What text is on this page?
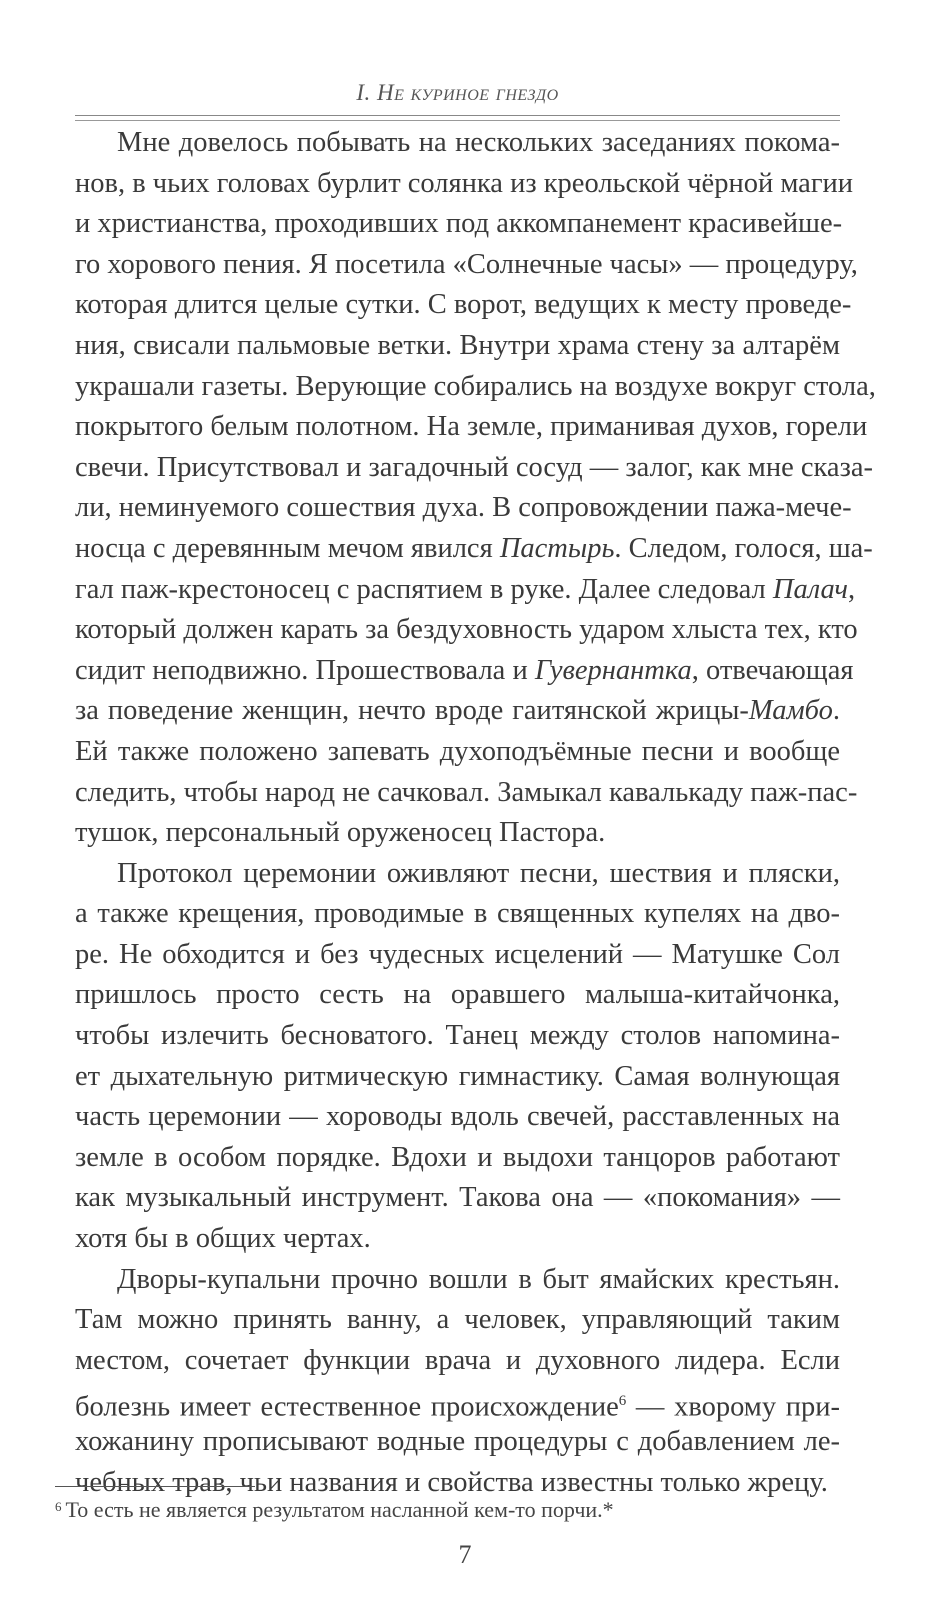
I. Не куриное гнездо
Мне довелось побывать на нескольких заседаниях покома-
нов, в чьих головах бурлит солянка из креольской чёрной магии
и христианства, проходивших под аккомпанемент красивейше-
го хорового пения. Я посетила «Солнечные часы» — процедуру,
которая длится целые сутки. С ворот, ведущих к месту проведе-
ния, свисали пальмовые ветки. Внутри храма стену за алтарём
украшали газеты. Верующие собирались на воздухе вокруг стола,
покрытого белым полотном. На земле, приманивая духов, горели
свечи. Присутствовал и загадочный сосуд — залог, как мне сказа-
ли, неминуемого сошествия духа. В сопровождении пажа-мече-
носца с деревянным мечом явился Пастырь. Следом, голося, ша-
гал паж-крестоносец с распятием в руке. Далее следовал Палач,
который должен карать за бездуховность ударом хлыста тех, кто
сидит неподвижно. Прошествовала и Гувернантка, отвечающая
за поведение женщин, нечто вроде гаитянской жрицы-Мамбо.
Ей также положено запевать духоподъёмные песни и вообще
следить, чтобы народ не сачковал. Замыкал кавалькаду паж-пас-
тушок, персональный оруженосец Пастора.
Протокол церемонии оживляют песни, шествия и пляски,
а также крещения, проводимые в священных купелях на дво-
ре. Не обходится и без чудесных исцелений — Матушке Сол
пришлось просто сесть на оравшего малыша-китайчонка,
чтобы излечить бесноватого. Танец между столов напомина-
ет дыхательную ритмическую гимнастику. Самая волнующая
часть церемонии — хороводы вдоль свечей, расставленных на
земле в особом порядке. Вдохи и выдохи танцоров работают
как музыкальный инструмент. Такова она — «покомания» —
хотя бы в общих чертах.
Дворы-купальни прочно вошли в быт ямайских крестьян.
Там можно принять ванну, а человек, управляющий таким
местом, сочетает функции врача и духовного лидера. Если
болезнь имеет естественное происхождение$^6$ — хворому при-
хожанину прописывают водные процедуры с добавлением ле-
чебных трав, чьи названия и свойства известны только жрецу.
$^6$ То есть не является результатом насланной кем-то порчи.*
7
